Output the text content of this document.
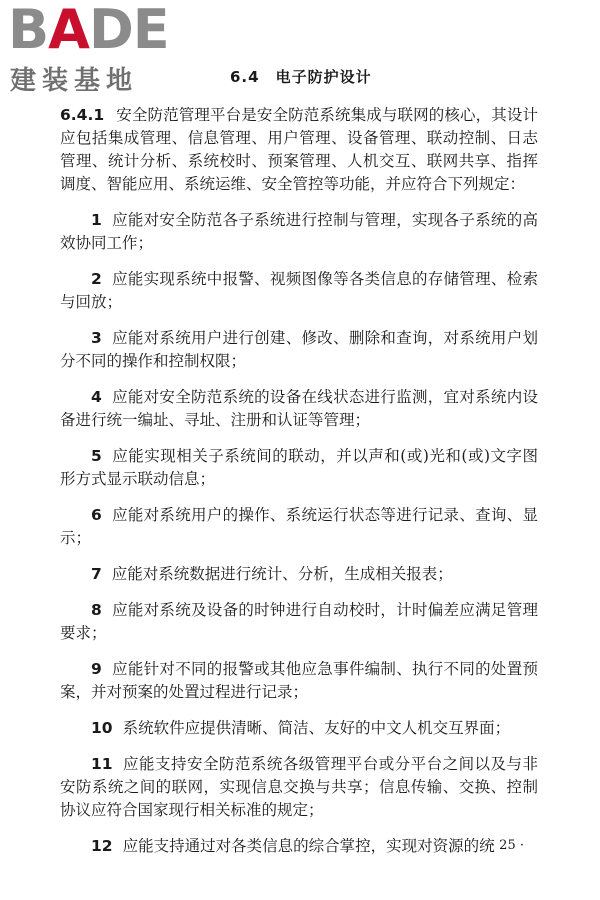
BADE
建装基地	6.4　电子防护设计

6.4.1 安全防范管理平台是安全防范系统集成与联网的核心，其设计应包括集成管理、信息管理、用户管理、设备管理、联动控制、日志管理、统计分析、系统校时、预案管理、人机交互、联网共享、指挥调度、智能应用、系统运维、安全管控等功能，并应符合下列规定：

1 应能对安全防范各子系统进行控制与管理，实现各子系统的高效协同工作；

2 应能实现系统中报警、视频图像等各类信息的存储管理、检索与回放；

3 应能对系统用户进行创建、修改、删除和查询，对系统用户划分不同的操作和控制权限；

4 应能对安全防范系统的设备在线状态进行监测，宜对系统内设备进行统一编址、寻址、注册和认证等管理；

5 应能实现相关子系统间的联动，并以声和(或)光和(或)文字图形方式显示联动信息；

6 应能对系统用户的操作、系统运行状态等进行记录、查询、显示；

7 应能对系统数据进行统计、分析，生成相关报表；

8 应能对系统及设备的时钟进行自动校时，计时偏差应满足管理要求；

9 应能针对不同的报警或其他应急事件编制、执行不同的处置预案，并对预案的处置过程进行记录；

10 系统软件应提供清晰、简洁、友好的中文人机交互界面；

11 应能支持安全防范系统各级管理平台或分平台之间以及与非安防系统之间的联网，实现信息交换与共享；信息传输、交换、控制协议应符合国家现行相关标准的规定；

12 应能支持通过对各类信息的综合掌控，实现对资源的统

· 25 ·
